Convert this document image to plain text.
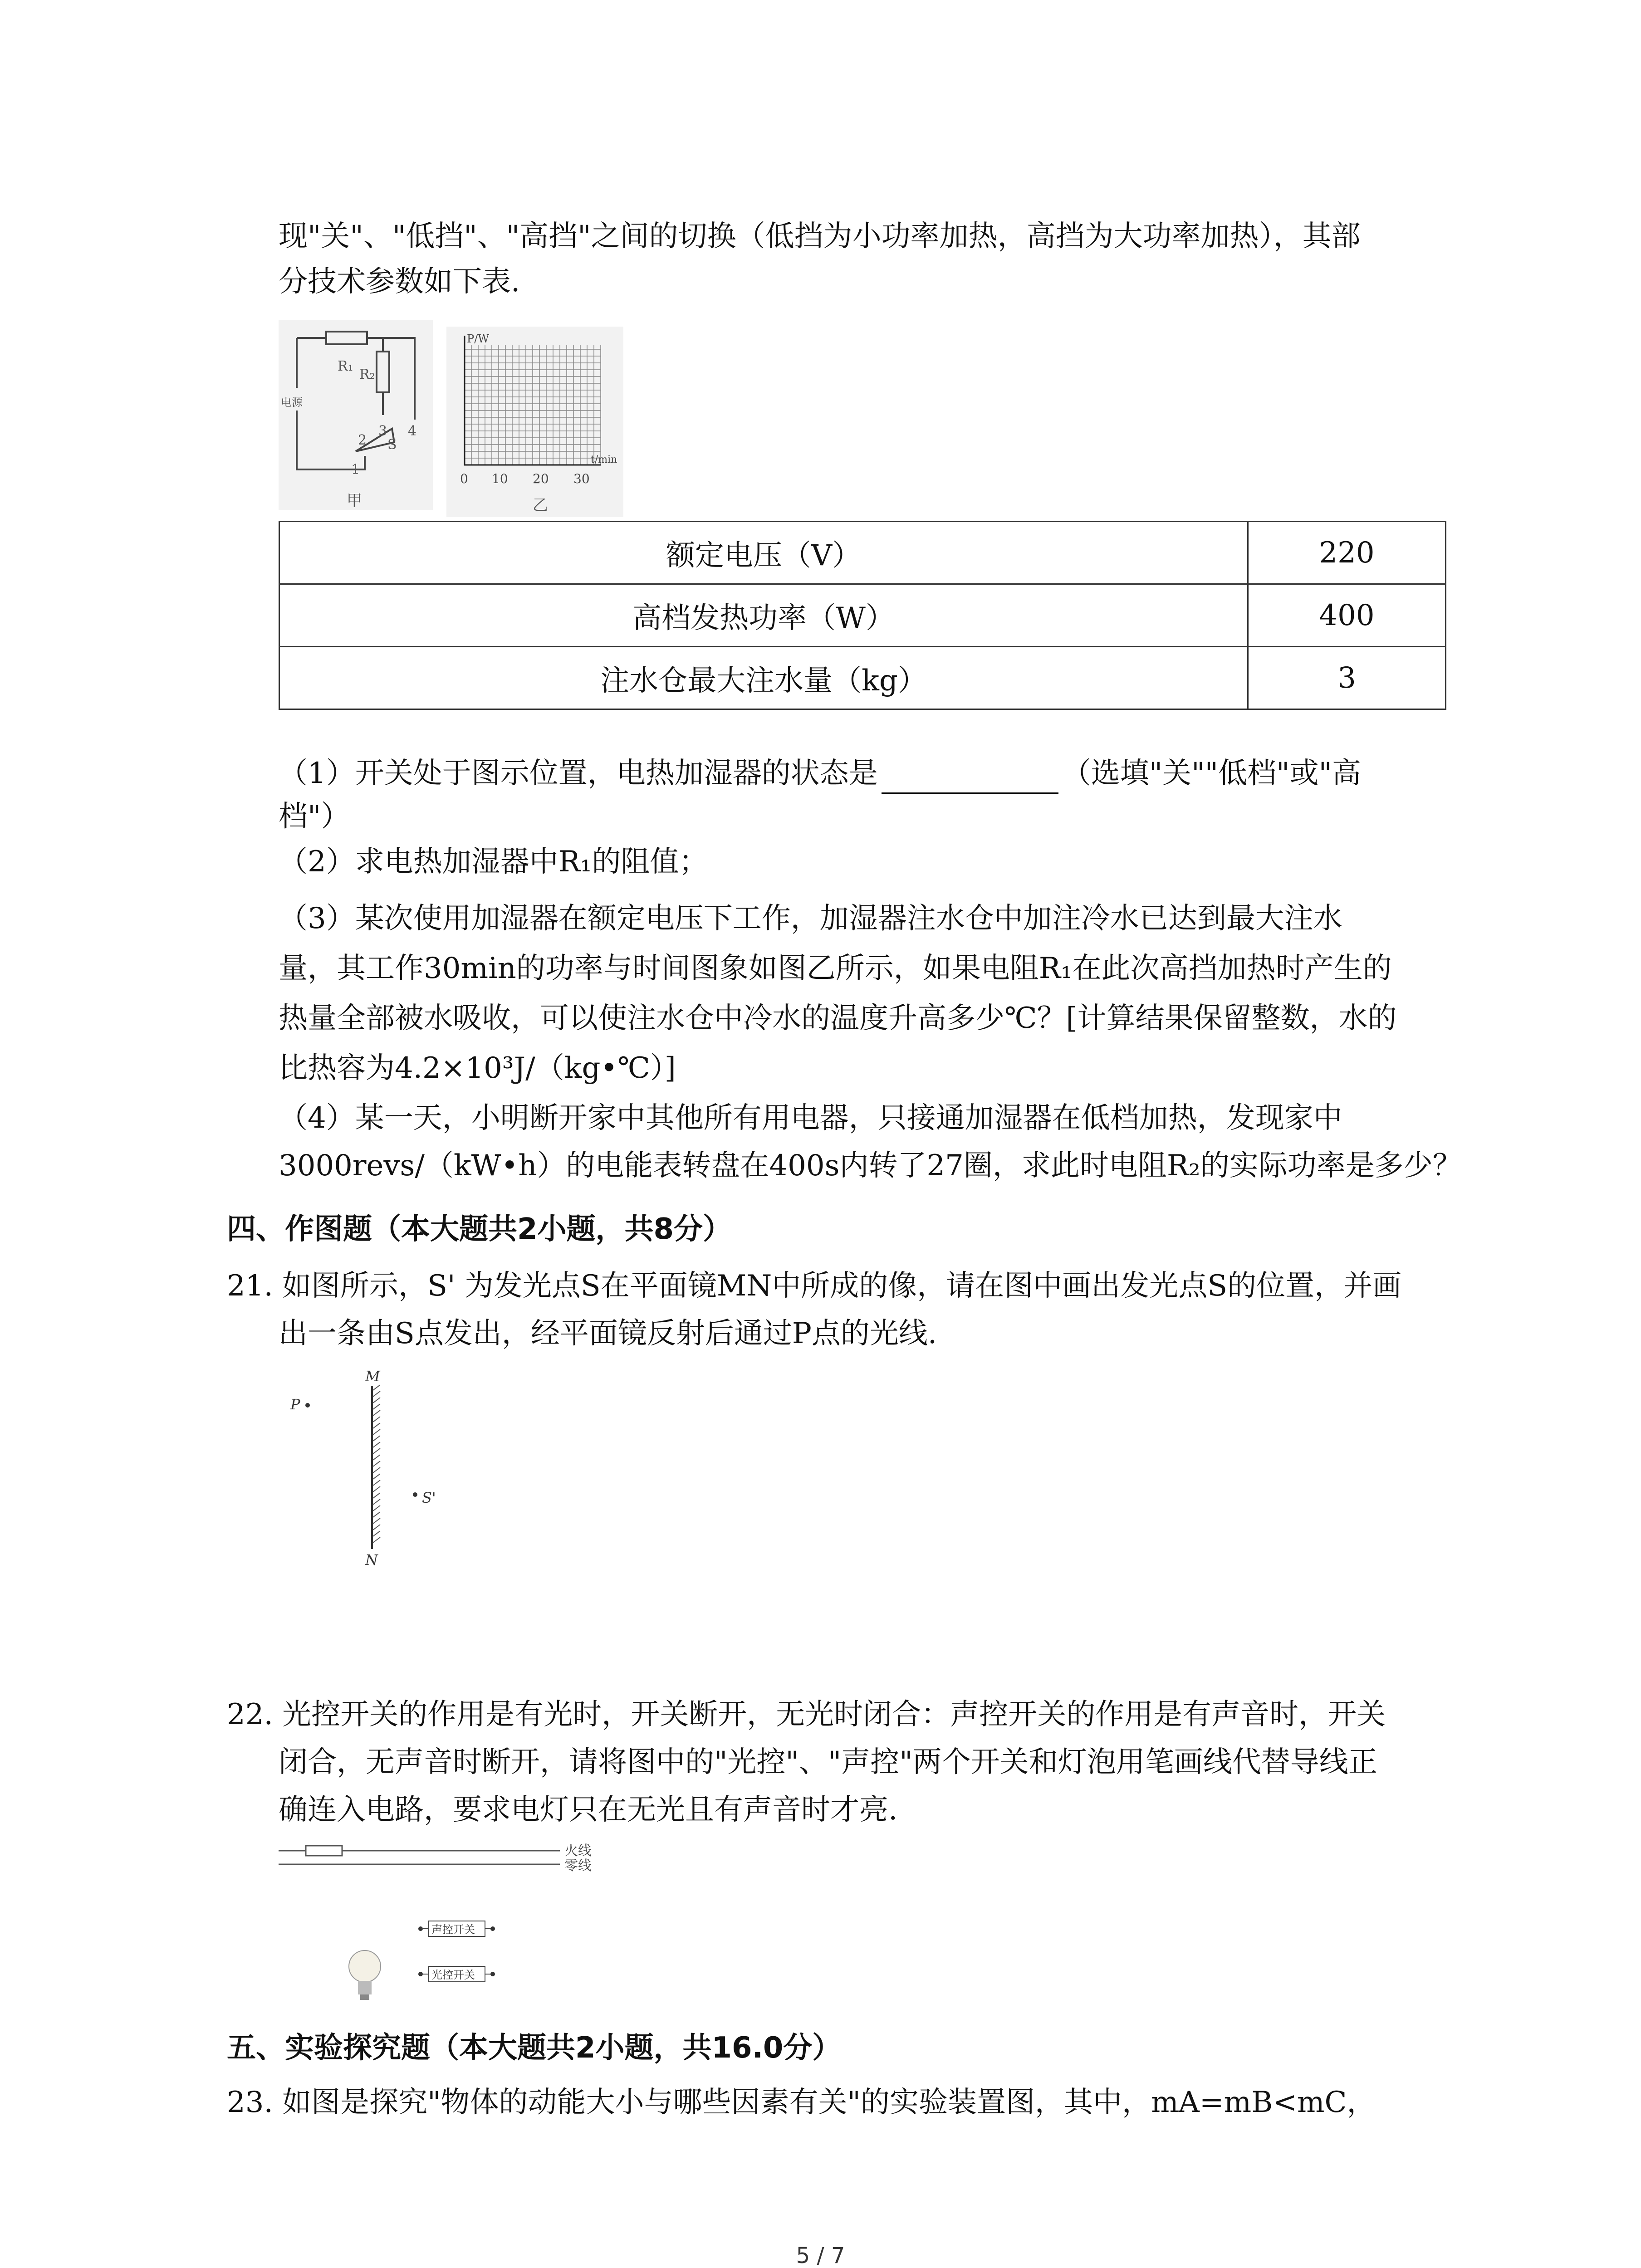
现"关"、"低挡"、"高挡"之间的切换（低挡为小功率加热，高挡为大功率加热），其部
分技术参数如下表.
R₁
R₂
3 4
2 S
1
电源
甲
P/W
t/min
0 10 20 30
乙
额定电压（V）	220
高档发热功率（W）	400
注水仓最大注水量（kg）	3
（1）开关处于图示位置，电热加湿器的状态是	（选填"关""低档"或"高
档"）
（2）求电热加湿器中R₁的阻值；
（3）某次使用加湿器在额定电压下工作，加湿器注水仓中加注冷水已达到最大注水
量，其工作30min的功率与时间图象如图乙所示，如果电阻R₁在此次高挡加热时产生的
热量全部被水吸收，可以使注水仓中冷水的温度升高多少℃？[计算结果保留整数，水的
比热容为4.2×10³J/（kg•℃）]
（4）某一天，小明断开家中其他所有用电器，只接通加湿器在低档加热，发现家中
3000revs/（kW•h）的电能表转盘在400s内转了27圈，求此时电阻R₂的实际功率是多少？
四、作图题（本大题共2小题，共8分）
21. 如图所示，S' 为发光点S在平面镜MN中所成的像，请在图中画出发光点S的位置，并画
出一条由S点发出，经平面镜反射后通过P点的光线.
M
N
P
S'
22. 光控开关的作用是有光时，开关断开，无光时闭合：声控开关的作用是有声音时，开关
闭合，无声音时断开，请将图中的"光控"、"声控"两个开关和灯泡用笔画线代替导线正
确连入电路，要求电灯只在无光且有声音时才亮.
火线
零线
声控开关
光控开关
五、实验探究题（本大题共2小题，共16.0分）
23. 如图是探究"物体的动能大小与哪些因素有关"的实验装置图，其中，mA=mB<mC，
5 / 7
